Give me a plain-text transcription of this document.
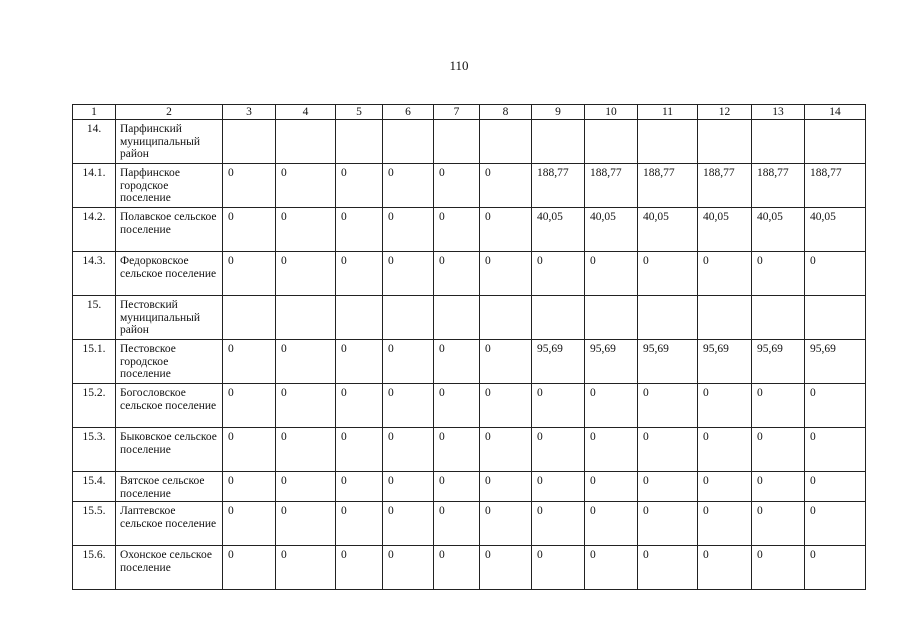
110
1	2	3	4	5	6	7	8	9	10	11	12	13	14
14.	Парфинский муниципальный район												
14.1.	Парфинское городское поселение	0	0	0	0	0	0	188,77	188,77	188,77	188,77	188,77	188,77
14.2.	Полавское сельское поселение	0	0	0	0	0	0	40,05	40,05	40,05	40,05	40,05	40,05
14.3.	Федорковское сельское поселение	0	0	0	0	0	0	0	0	0	0	0	0
15.	Пестовский муниципальный район												
15.1.	Пестовское городское поселение	0	0	0	0	0	0	95,69	95,69	95,69	95,69	95,69	95,69
15.2.	Богословское сельское поселение	0	0	0	0	0	0	0	0	0	0	0	0
15.3.	Быковское сельское поселение	0	0	0	0	0	0	0	0	0	0	0	0
15.4.	Вятское сельское поселение	0	0	0	0	0	0	0	0	0	0	0	0
15.5.	Лаптевское сельское поселение	0	0	0	0	0	0	0	0	0	0	0	0
15.6.	Охонское сельское поселение	0	0	0	0	0	0	0	0	0	0	0	0
